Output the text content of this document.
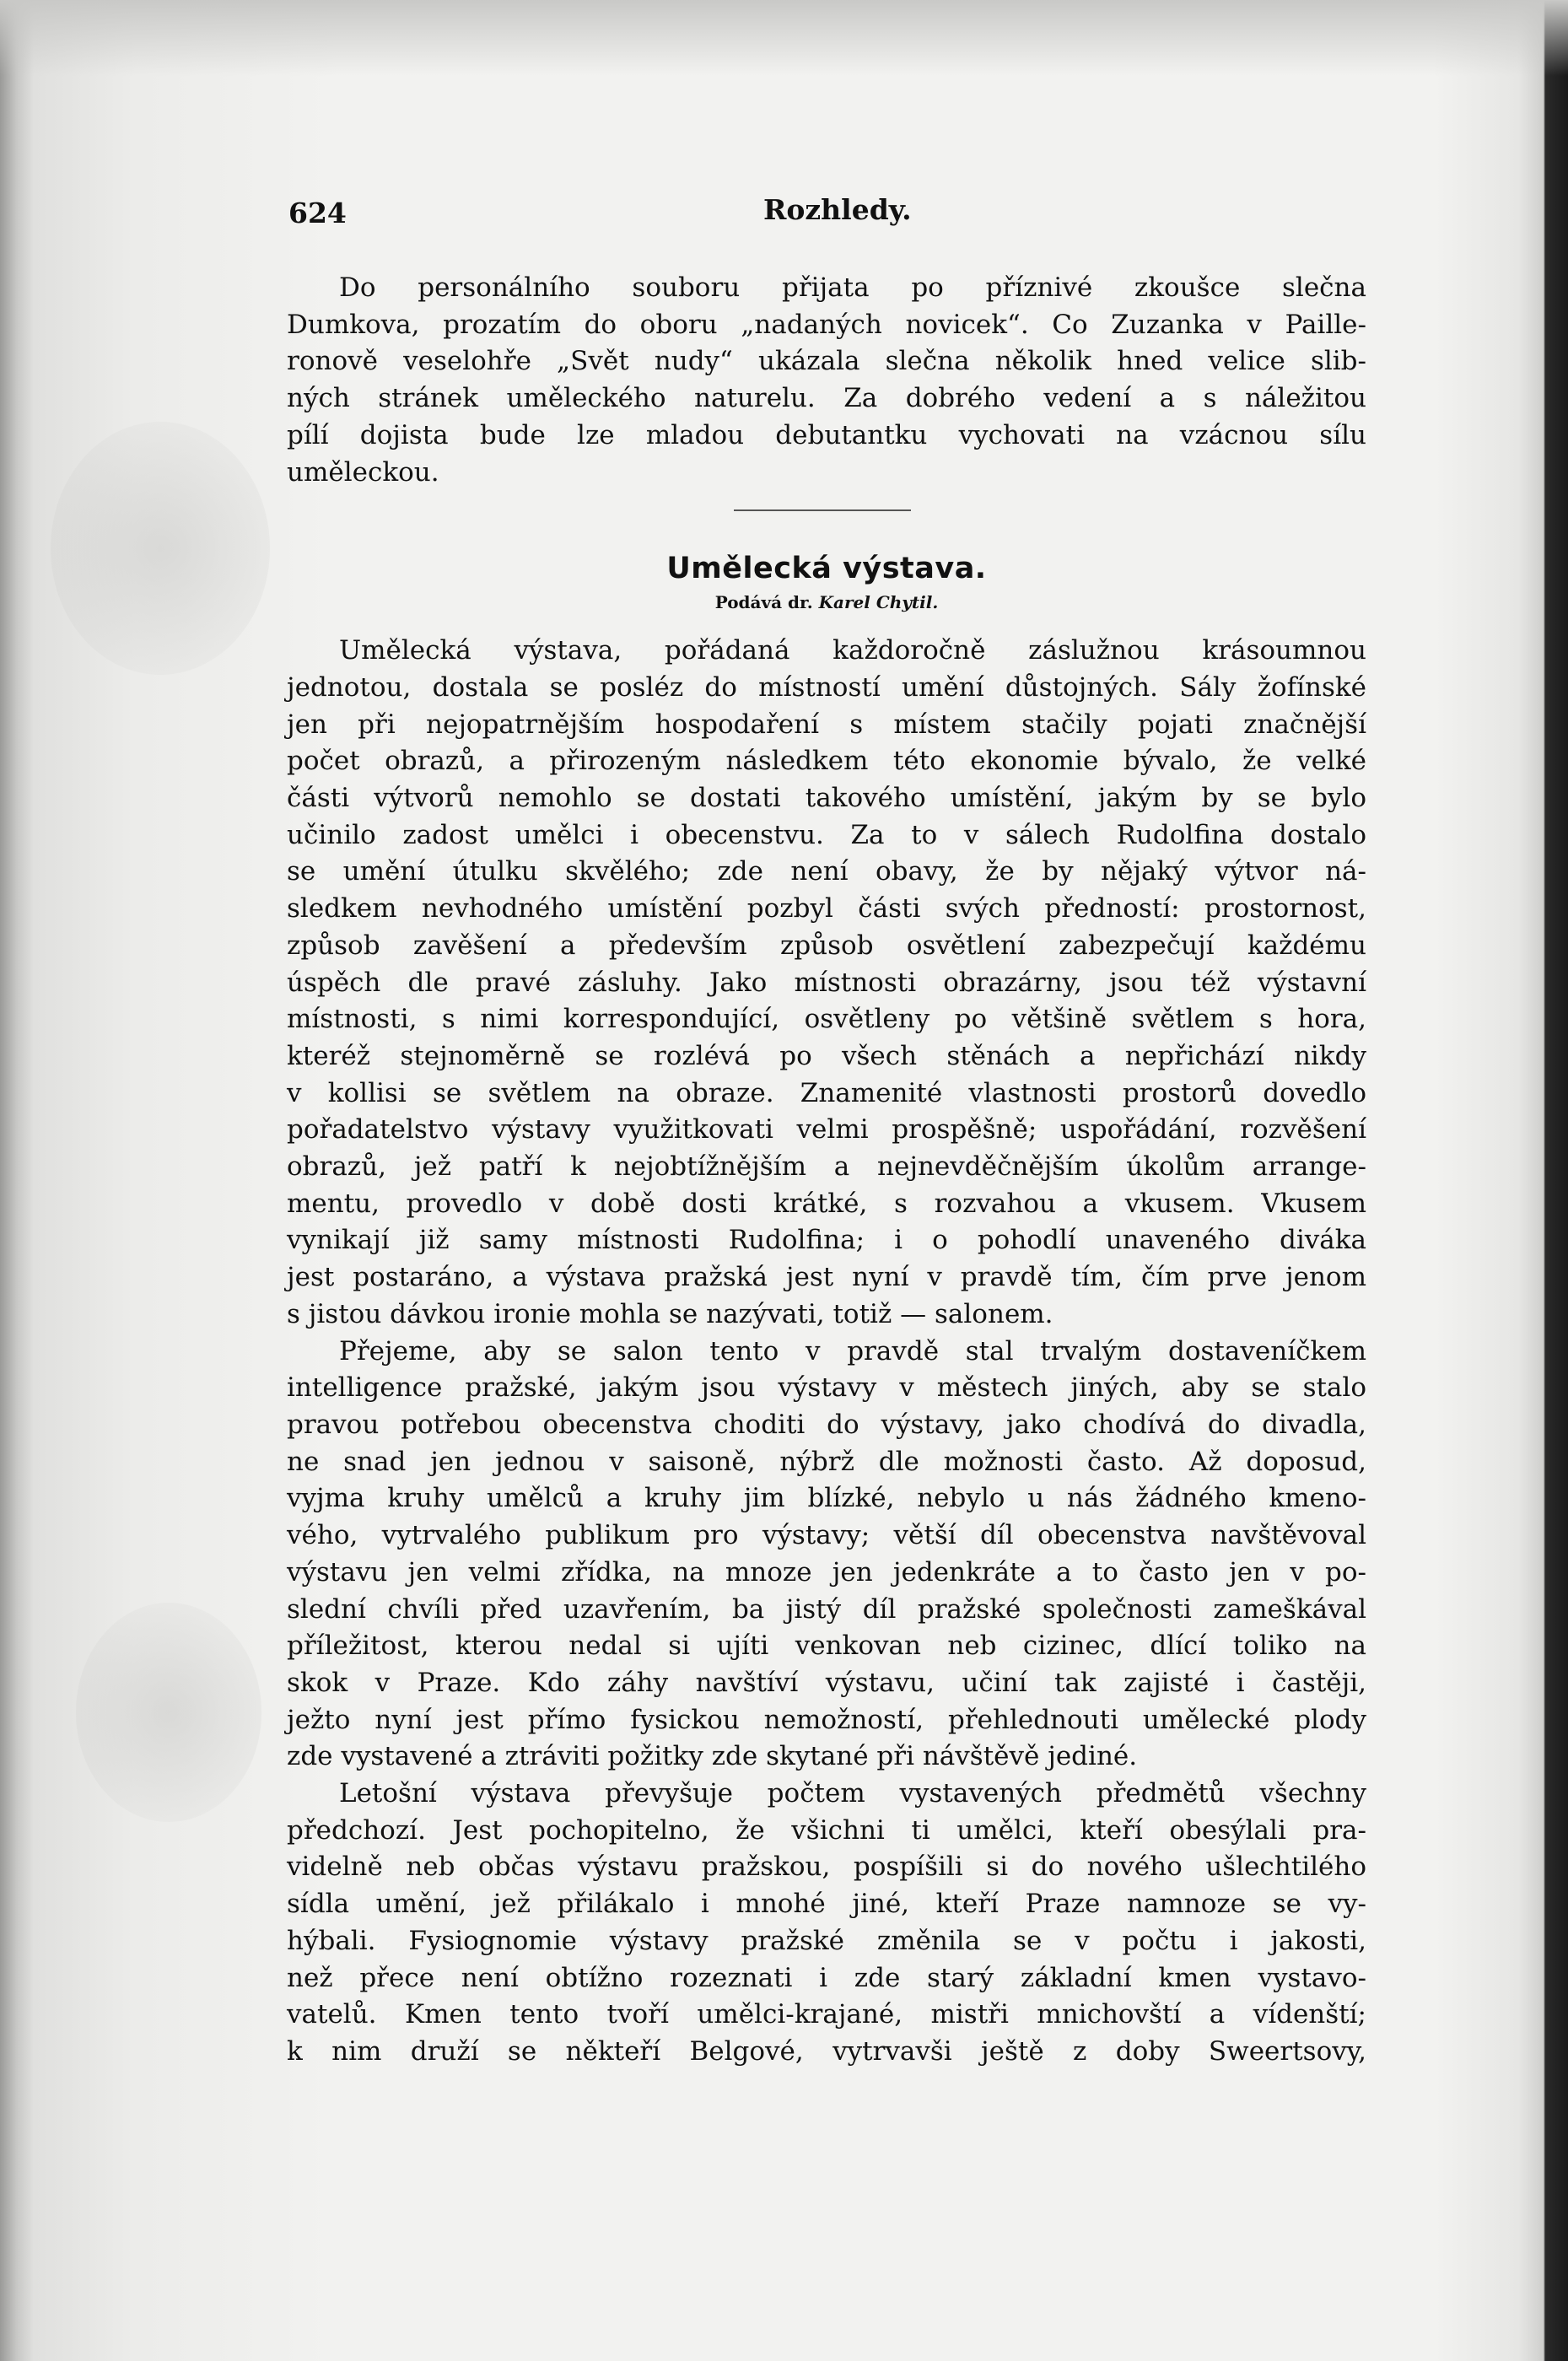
624	Rozhledy.

Do personálního souboru přijata po příznivé zkoušce slečna
Dumkova, prozatím do oboru „nadaných novicek“. Co Zuzanka v Paille-
ronově veselohře „Svět nudy“ ukázala slečna několik hned velice slib-
ných stránek uměleckého naturelu. Za dobrého vedení a s náležitou
pílí dojista bude lze mladou debutantku vychovati na vzácnou sílu
uměleckou.

Umělecká výstava.
Podává dr. Karel Chytil.

Umělecká výstava, pořádaná každoročně záslužnou krásoumnou
jednotou, dostala se posléz do místností umění důstojných. Sály žofínské
jen při nejopatrnějším hospodaření s místem stačily pojati značnější
počet obrazů, a přirozeným následkem této ekonomie bývalo, že velké
části výtvorů nemohlo se dostati takového umístění, jakým by se bylo
učinilo zadost umělci i obecenstvu. Za to v sálech Rudolfina dostalo
se umění útulku skvělého; zde není obavy, že by nějaký výtvor ná-
sledkem nevhodného umístění pozbyl části svých předností: prostornost,
způsob zavěšení a především způsob osvětlení zabezpečují každému
úspěch dle pravé zásluhy. Jako místnosti obrazárny, jsou též výstavní
místnosti, s nimi korrespondující, osvětleny po většině světlem s hora,
kteréž stejnoměrně se rozlévá po všech stěnách a nepřichází nikdy
v kollisi se světlem na obraze. Znamenité vlastnosti prostorů dovedlo
pořadatelstvo výstavy využitkovati velmi prospěšně; uspořádání, rozvěšení
obrazů, jež patří k nejobtížnějším a nejnevděčnějším úkolům arrange-
mentu, provedlo v době dosti krátké, s rozvahou a vkusem. Vkusem
vynikají již samy místnosti Rudolfina; i o pohodlí unaveného diváka
jest postaráno, a výstava pražská jest nyní v pravdě tím, čím prve jenom
s jistou dávkou ironie mohla se nazývati, totiž — salonem.

Přejeme, aby se salon tento v pravdě stal trvalým dostaveníčkem
intelligence pražské, jakým jsou výstavy v městech jiných, aby se stalo
pravou potřebou obecenstva choditi do výstavy, jako chodívá do divadla,
ne snad jen jednou v saisoně, nýbrž dle možnosti často. Až doposud,
vyjma kruhy umělců a kruhy jim blízké, nebylo u nás žádného kmeno-
vého, vytrvalého publikum pro výstavy; větší díl obecenstva navštěvoval
výstavu jen velmi zřídka, na mnoze jen jedenkráte a to často jen v po-
slední chvíli před uzavřením, ba jistý díl pražské společnosti zameškával
příležitost, kterou nedal si ujíti venkovan neb cizinec, dlící toliko na
skok v Praze. Kdo záhy navštíví výstavu, učiní tak zajisté i častěji,
ježto nyní jest přímo fysickou nemožností, přehlednouti umělecké plody
zde vystavené a ztráviti požitky zde skytané při návštěvě jediné.

Letošní výstava převyšuje počtem vystavených předmětů všechny
předchozí. Jest pochopitelno, že všichni ti umělci, kteří obesýlali pra-
videlně neb občas výstavu pražskou, pospíšili si do nového ušlechtilého
sídla umění, jež přilákalo i mnohé jiné, kteří Praze namnoze se vy-
hýbali. Fysiognomie výstavy pražské změnila se v počtu i jakosti,
než přece není obtížno rozeznati i zde starý základní kmen vystavo-
vatelů. Kmen tento tvoří umělci-krajané, mistři mnichovští a vídenští;
k nim druží se někteří Belgové, vytrvavši ještě z doby Sweertsovy,
